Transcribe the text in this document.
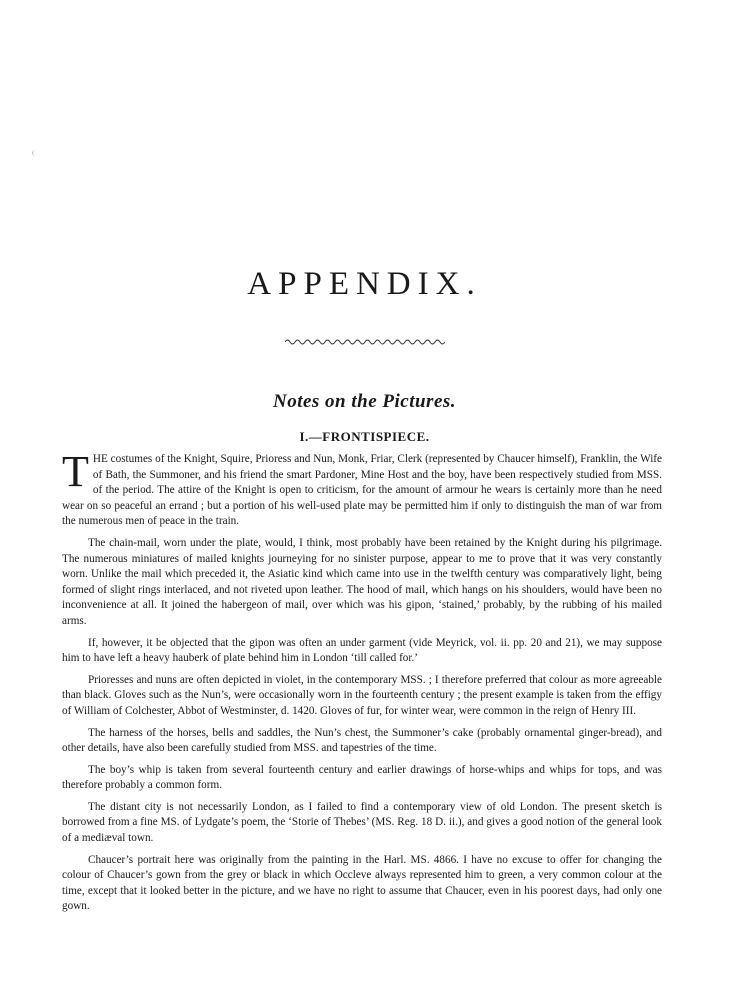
APPENDIX.
Notes on the Pictures.
I.—FRONTISPIECE.

THE costumes of the Knight, Squire, Prioress and Nun, Monk, Friar, Clerk (represented by Chaucer himself), Franklin, the Wife of Bath, the Summoner, and his friend the smart Pardoner, Mine Host and the boy, have been respectively studied from MSS. of the period. The attire of the Knight is open to criticism, for the amount of armour he wears is certainly more than he need wear on so peaceful an errand ; but a portion of his well-used plate may be permitted him if only to distinguish the man of war from the numerous men of peace in the train.

The chain-mail, worn under the plate, would, I think, most probably have been retained by the Knight during his pilgrimage. The numerous miniatures of mailed knights journeying for no sinister purpose, appear to me to prove that it was very constantly worn. Unlike the mail which preceded it, the Asiatic kind which came into use in the twelfth century was comparatively light, being formed of slight rings interlaced, and not riveted upon leather. The hood of mail, which hangs on his shoulders, would have been no inconvenience at all. It joined the habergeon of mail, over which was his gipon, ‘stained,’ probably, by the rubbing of his mailed arms.

If, however, it be objected that the gipon was often an under garment (vide Meyrick, vol. ii. pp. 20 and 21), we may suppose him to have left a heavy hauberk of plate behind him in London ‘till called for.’

Prioresses and nuns are often depicted in violet, in the contemporary MSS. ; I therefore preferred that colour as more agreeable than black. Gloves such as the Nun’s, were occasionally worn in the fourteenth century ; the present example is taken from the effigy of William of Colchester, Abbot of Westminster, d. 1420. Gloves of fur, for winter wear, were common in the reign of Henry III.

The harness of the horses, bells and saddles, the Nun’s chest, the Summoner’s cake (probably ornamental ginger-bread), and other details, have also been carefully studied from MSS. and tapestries of the time.

The boy’s whip is taken from several fourteenth century and earlier drawings of horse-whips and whips for tops, and was therefore probably a common form.

The distant city is not necessarily London, as I failed to find a contemporary view of old London. The present sketch is borrowed from a fine MS. of Lydgate’s poem, the ‘Storie of Thebes’ (MS. Reg. 18 D. ii.), and gives a good notion of the general look of a mediæval town.

Chaucer’s portrait here was originally from the painting in the Harl. MS. 4866. I have no excuse to offer for changing the colour of Chaucer’s gown from the grey or black in which Occleve always represented him to green, a very common colour at the time, except that it looked better in the picture, and we have no right to assume that Chaucer, even in his poorest days, had only one gown.
